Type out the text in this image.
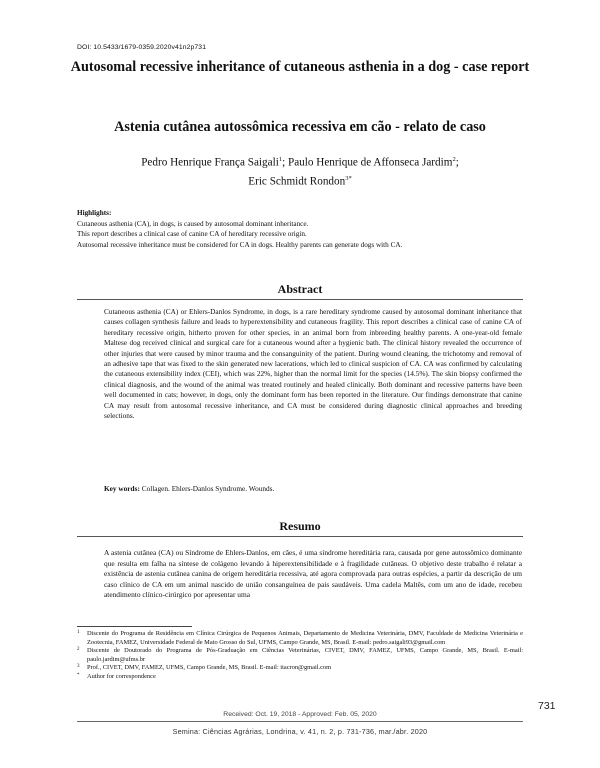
DOI: 10.5433/1679-0359.2020v41n2p731
Autosomal recessive inheritance of cutaneous asthenia in a dog - case report
Astenia cutânea autossômica recessiva em cão - relato de caso
Pedro Henrique França Saigali$^1$; Paulo Henrique de Affonseca Jardim$^2$;
Eric Schmidt Rondon$^{3*}$
Highlights:
Cutaneous asthenia (CA), in dogs, is caused by autosomal dominant inheritance.
This report describes a clinical case of canine CA of hereditary recessive origin.
Autosomal recessive inheritance must be considered for CA in dogs. Healthy parents can generate dogs with CA.
Abstract
Cutaneous asthenia (CA) or Ehlers-Danlos Syndrome, in dogs, is a rare hereditary syndrome caused by autosomal dominant inheritance that causes collagen synthesis failure and leads to hyperextensibility and cutaneous fragility. This report describes a clinical case of canine CA of hereditary recessive origin, hitherto proven for other species, in an animal born from inbreeding healthy parents. A one-year-old female Maltese dog received clinical and surgical care for a cutaneous wound after a hygienic bath. The clinical history revealed the occurrence of other injuries that were caused by minor trauma and the consanguinity of the patient. During wound cleaning, the trichotomy and removal of an adhesive tape that was fixed to the skin generated new lacerations, which led to clinical suspicion of CA. CA was confirmed by calculating the cutaneous extensibility index (CEI), which was 22%, higher than the normal limit for the species (14.5%). The skin biopsy confirmed the clinical diagnosis, and the wound of the animal was treated routinely and healed clinically. Both dominant and recessive patterns have been well documented in cats; however, in dogs, only the dominant form has been reported in the literature. Our findings demonstrate that canine CA may result from autosomal recessive inheritance, and CA must be considered during diagnostic clinical approaches and breeding selections.
Key words: Collagen. Ehlers-Danlos Syndrome. Wounds.
Resumo
A astenia cutânea (CA) ou Síndrome de Ehlers-Danlos, em cães, é uma síndrome hereditária rara, causada por gene autossômico dominante que resulta em falha na síntese de colágeno levando à hiperextensibilidade e à fragilidade cutâneas. O objetivo deste trabalho é relatar a existência de astenia cutânea canina de origem hereditária recessiva, até agora comprovada para outras espécies, a partir da descrição de um caso clínico de CA em um animal nascido de união consanguínea de pais saudáveis. Uma cadela Maltês, com um ano de idade, recebeu atendimento clínico-cirúrgico por apresentar uma
1 Discente do Programa de Residência em Clínica Cirúrgica de Pequenos Animais, Departamento de Medicina Veterinária, DMV, Faculdade de Medicina Veterinária e Zootecnia, FAMEZ, Universidade Federal de Mato Grosso do Sul, UFMS, Campo Grande, MS, Brasil. E-mail: pedro.saigali93@gmail.com
2 Discente de Doutorado do Programa de Pós-Graduação em Ciências Veterinárias, CIVET, DMV, FAMEZ, UFMS, Campo Grande, MS, Brasil. E-mail: paulo.jardim@ufms.br
3 Prof., CIVET, DMV, FAMEZ, UFMS, Campo Grande, MS, Brasil. E-mail: itacron@gmail.com
* Author for correspondence
Received: Oct. 19, 2018 - Approved: Feb. 05, 2020
Semina: Ciências Agrárias, Londrina, v. 41, n. 2, p. 731-736, mar./abr. 2020
731
